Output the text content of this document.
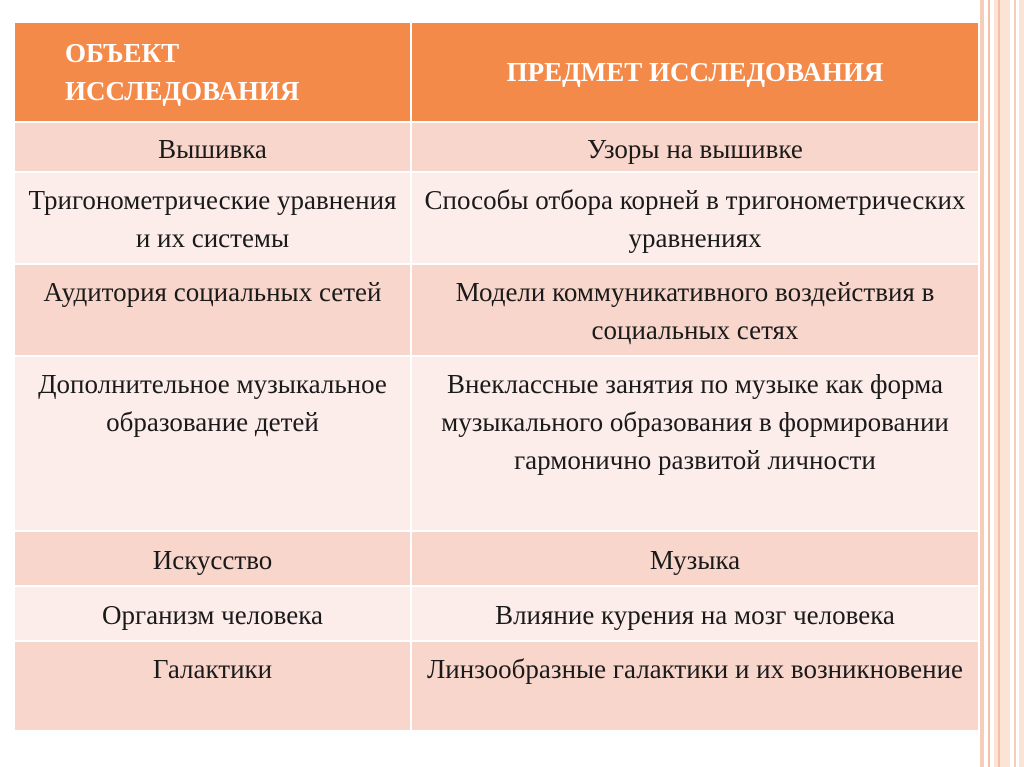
ОБЪЕКТ ИССЛЕДОВАНИЯ	ПРЕДМЕТ ИССЛЕДОВАНИЯ
Вышивка	Узоры на вышивке
Тригонометрические уравнения и их системы	Способы отбора корней в тригонометрических уравнениях
Аудитория социальных сетей	Модели коммуникативного воздействия в социальных сетях
Дополнительное музыкальное образование детей	Внеклассные занятия по музыке как форма музыкального образования в формировании гармонично развитой личности
Искусство	Музыка
Организм человека	Влияние курения на мозг человека
Галактики	Линзообразные галактики и их возникновение
